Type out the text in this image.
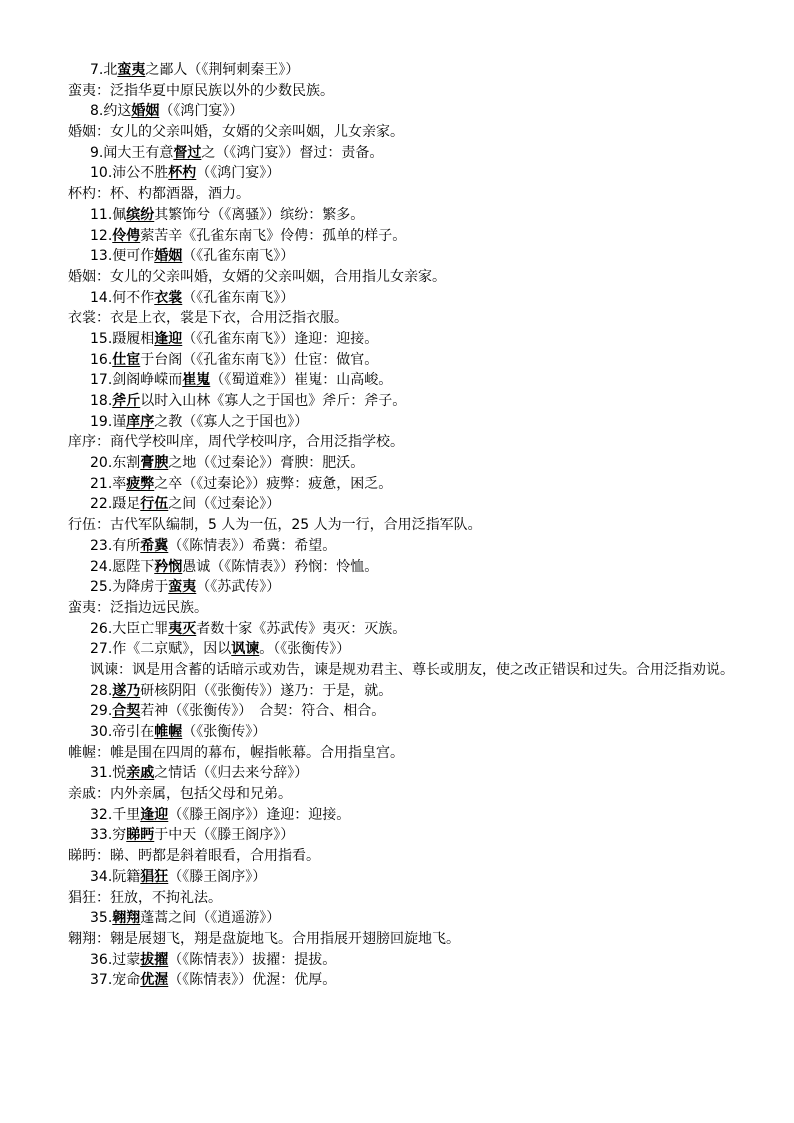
7.北蛮夷之鄙人（《荆轲刺秦王》）
蛮夷：泛指华夏中原民族以外的少数民族。
8.约这婚姻（《鸿门宴》）
婚姻：女儿的父亲叫婚，女婿的父亲叫姻，儿女亲家。
9.闻大王有意督过之（《鸿门宴》）督过：责备。
10.沛公不胜杯杓（《鸿门宴》）
杯杓：杯、杓都酒器，酒力。
11.佩缤纷其繁饰兮（《离骚》）缤纷：繁多。
12.伶俜萦苦辛《孔雀东南飞》伶俜：孤单的样子。
13.便可作婚姻（《孔雀东南飞》）
婚姻：女儿的父亲叫婚，女婿的父亲叫姻，合用指儿女亲家。
14.何不作衣裳（《孔雀东南飞》）
衣裳：衣是上衣，裳是下衣，合用泛指衣服。
15.蹑履相逢迎（《孔雀东南飞》）逢迎：迎接。
16.仕宦于台阁（《孔雀东南飞》）仕宦：做官。
17.剑阁峥嵘而崔嵬（《蜀道难》）崔嵬：山高峻。
18.斧斤以时入山林《寡人之于国也》斧斤：斧子。
19.谨庠序之教（《寡人之于国也》）
庠序：商代学校叫庠，周代学校叫序，合用泛指学校。
20.东割膏腴之地（《过秦论》）膏腴：肥沃。
21.率疲弊之卒（《过秦论》）疲弊：疲惫，困乏。
22.蹑足行伍之间（《过秦论》）
行伍：古代军队编制，5 人为一伍，25 人为一行，合用泛指军队。
23.有所希冀（《陈情表》）希冀：希望。
24.愿陛下矜悯愚诚（《陈情表》）矜悯：怜恤。
25.为降虏于蛮夷（《苏武传》）
蛮夷：泛指边远民族。
26.大臣亡罪夷灭者数十家《苏武传》夷灭：灭族。
27.作《二京赋》，因以讽谏。（《张衡传》）
讽谏：讽是用含蓄的话暗示或劝告，谏是规劝君主、尊长或朋友，使之改正错误和过失。合用泛指劝说。
28.遂乃研核阴阳（《张衡传》）遂乃：于是，就。
29.合契若神（《张衡传》）　合契：符合、相合。
30.帝引在帷幄（《张衡传》）
帷幄：帷是围在四周的幕布，幄指帐幕。合用指皇宫。
31.悦亲戚之情话（《归去来兮辞》）
亲戚：内外亲属，包括父母和兄弟。
32.千里逢迎（《滕王阁序》）逢迎：迎接。
33.穷睇眄于中天（《滕王阁序》）
睇眄：睇、眄都是斜着眼看，合用指看。
34.阮籍猖狂（《滕王阁序》）
猖狂：狂放，不拘礼法。
35.翱翔蓬蒿之间（《逍遥游》）
翱翔：翱是展翅飞，翔是盘旋地飞。合用指展开翅膀回旋地飞。
36.过蒙拔擢（《陈情表》）拔擢：提拔。
37.宠命优渥（《陈情表》）优渥：优厚。
